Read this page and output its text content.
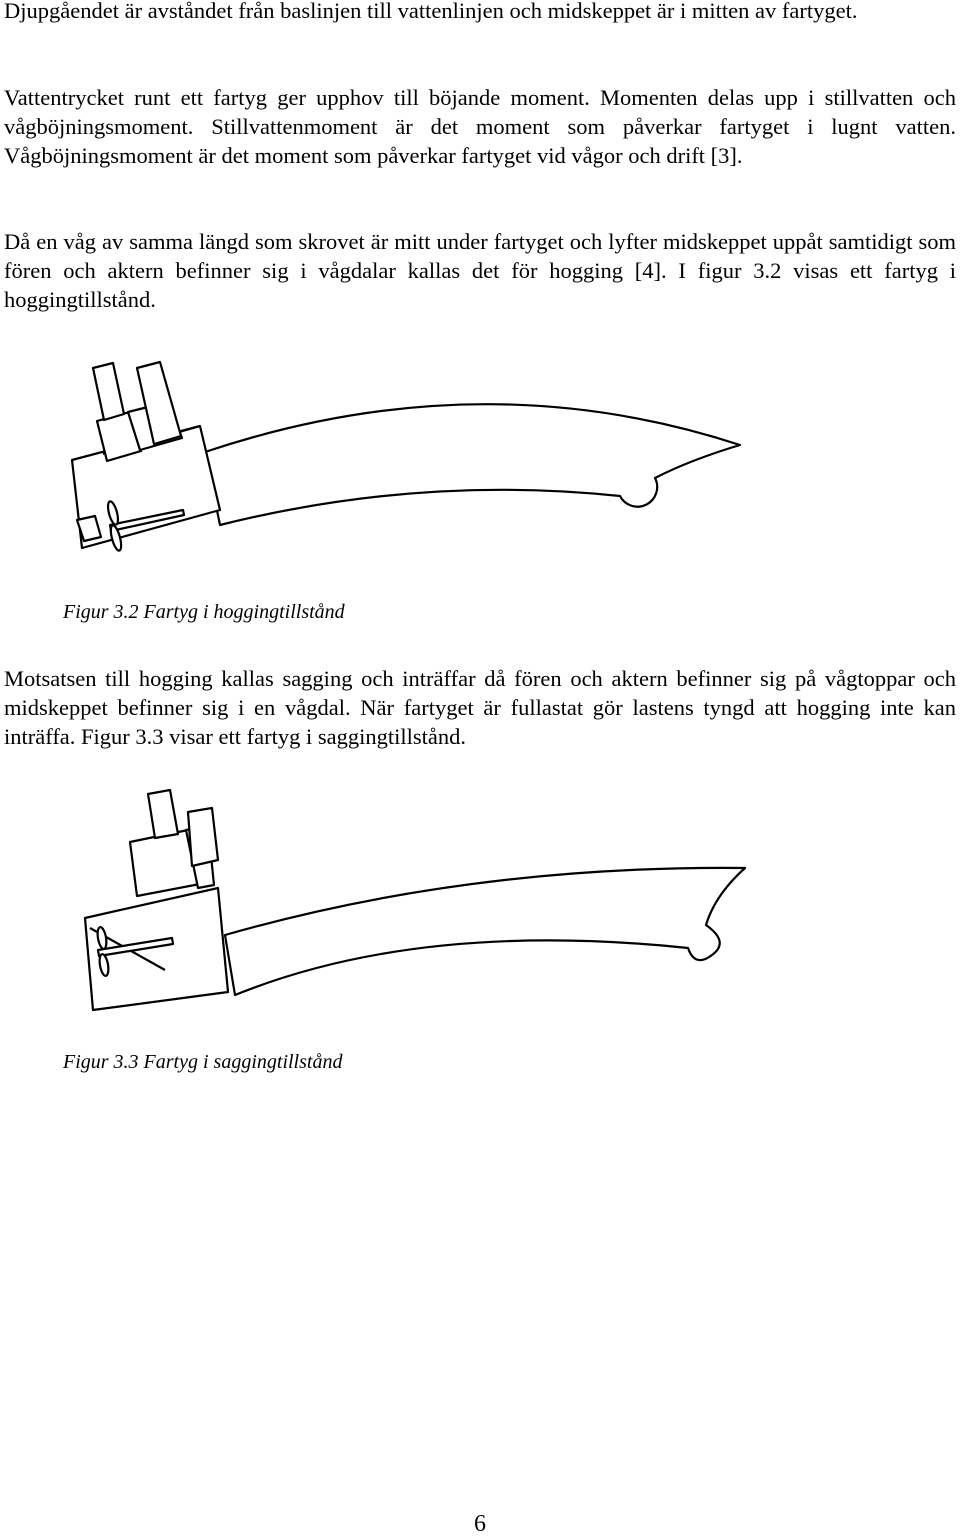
Djupgåendet är avståndet från baslinjen till vattenlinjen och midskeppet är i mitten av fartyget.

Vattentrycket runt ett fartyg ger upphov till böjande moment. Momenten delas upp i stillvatten och vågböjningsmoment. Stillvattenmoment är det moment som påverkar fartyget i lugnt vatten. Vågböjningsmoment är det moment som påverkar fartyget vid vågor och drift [3].

Då en våg av samma längd som skrovet är mitt under fartyget och lyfter midskeppet uppåt samtidigt som fören och aktern befinner sig i vågdalar kallas det för hogging [4]. I figur 3.2 visas ett fartyg i hoggingtillstånd.

Figur 3.2 Fartyg i hoggingtillstånd

Motsatsen till hogging kallas sagging och inträffar då fören och aktern befinner sig på vågtoppar och midskeppet befinner sig i en vågdal. När fartyget är fullastat gör lastens tyngd att hogging inte kan inträffa. Figur 3.3 visar ett fartyg i saggingtillstånd.

Figur 3.3 Fartyg i saggingtillstånd

6
